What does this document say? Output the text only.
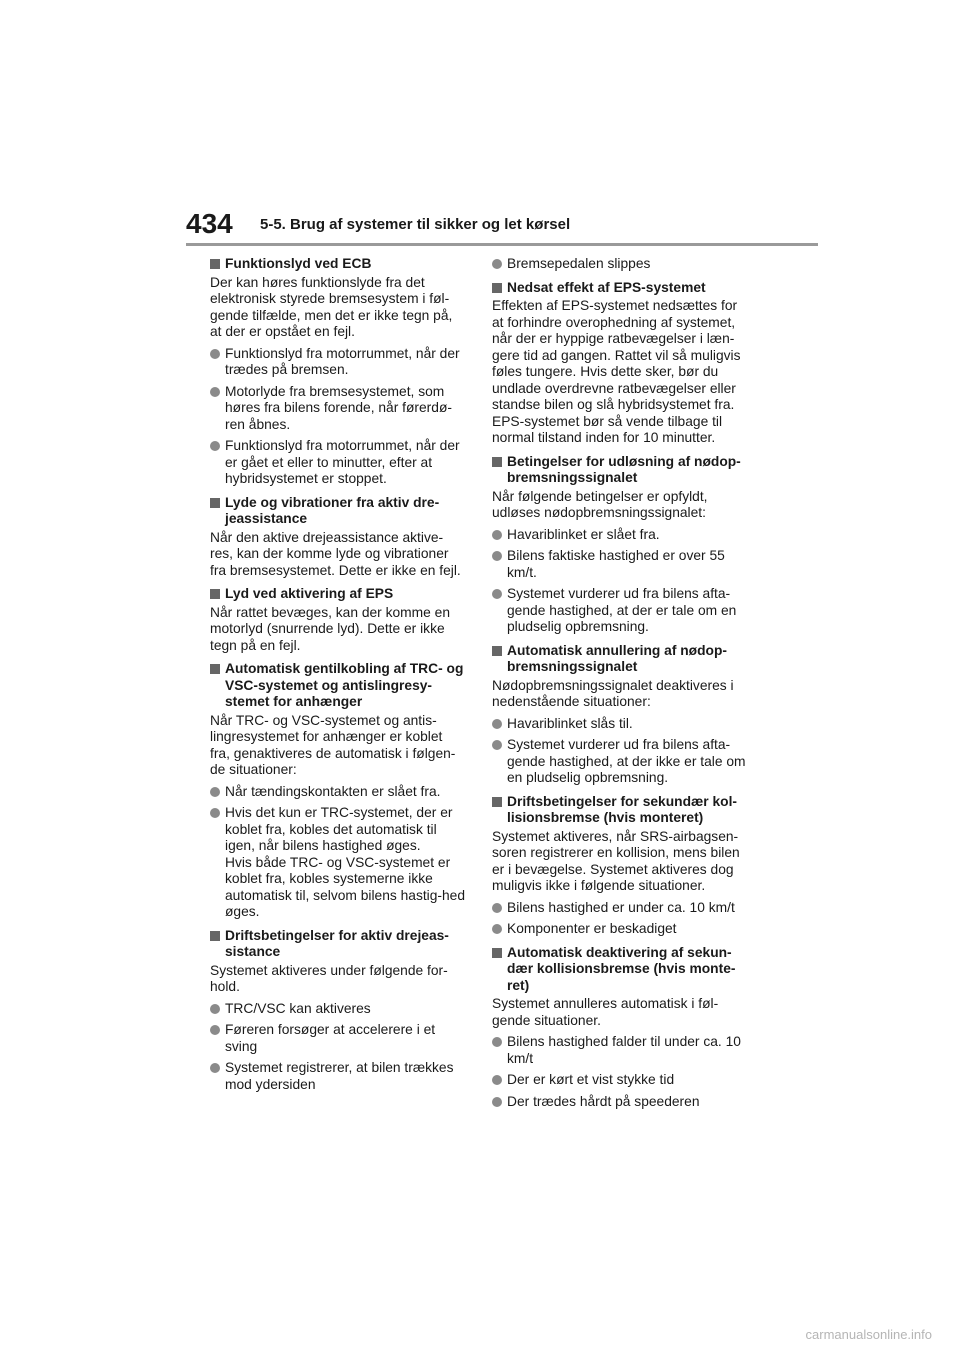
434 5-5. Brug af systemer til sikker og let kørsel
Funktionslyd ved ECB
Der kan høres funktionslyde fra det elektronisk styrede bremsesystem i føl-gende tilfælde, men det er ikke tegn på, at der er opstået en fejl.
Funktionslyd fra motorrummet, når der trædes på bremsen.
Motorlyde fra bremsesystemet, som høres fra bilens forende, når førerdø-ren åbnes.
Funktionslyd fra motorrummet, når der er gået et eller to minutter, efter at hybridsystemet er stoppet.
Lyde og vibrationer fra aktiv dre-jeassistance
Når den aktive drejeassistance aktive-res, kan der komme lyde og vibrationer fra bremsesystemet. Dette er ikke en fejl.
Lyd ved aktivering af EPS
Når rattet bevæges, kan der komme en motorlyd (snurrende lyd). Dette er ikke tegn på en fejl.
Automatisk gentilkobling af TRC- og VSC-systemet og antislingresy-stemet for anhænger
Når TRC- og VSC-systemet og antis-lingresystemet for anhænger er koblet fra, genaktiveres de automatisk i følgen-de situationer:
Når tændingskontakten er slået fra.
Hvis det kun er TRC-systemet, der er koblet fra, kobles det automatisk til igen, når bilens hastighed øges.
Hvis både TRC- og VSC-systemet er koblet fra, kobles systemerne ikke automatisk til, selvom bilens hastig-hed øges.
Driftsbetingelser for aktiv drejeas-sistance
Systemet aktiveres under følgende for-hold.
TRC/VSC kan aktiveres
Føreren forsøger at accelerere i et sving
Systemet registrerer, at bilen trækkes mod ydersiden
Bremsepedalen slippes
Nedsat effekt af EPS-systemet
Effekten af EPS-systemet nedsættes for at forhindre overophedning af systemet, når der er hyppige ratbevægelser i læn-gere tid ad gangen. Rattet vil så muligvis føles tungere. Hvis dette sker, bør du undlade overdrevne ratbevægelser eller standse bilen og slå hybridsystemet fra. EPS-systemet bør så vende tilbage til normal tilstand inden for 10 minutter.
Betingelser for udløsning af nødop-bremsningssignalet
Når følgende betingelser er opfyldt, udløses nødopbremsningssignalet:
Havariblinket er slået fra.
Bilens faktiske hastighed er over 55 km/t.
Systemet vurderer ud fra bilens afta-gende hastighed, at der er tale om en pludselig opbremsning.
Automatisk annullering af nødop-bremsningssignalet
Nødopbremsningssignalet deaktiveres i nedenstående situationer:
Havariblinket slås til.
Systemet vurderer ud fra bilens afta-gende hastighed, at der ikke er tale om en pludselig opbremsning.
Driftsbetingelser for sekundær kol-lisionsbremse (hvis monteret)
Systemet aktiveres, når SRS-airbagsen-soren registrerer en kollision, mens bilen er i bevægelse. Systemet aktiveres dog muligvis ikke i følgende situationer.
Bilens hastighed er under ca. 10 km/t
Komponenter er beskadiget
Automatisk deaktivering af sekun-dær kollisionsbremse (hvis monte-ret)
Systemet annulleres automatisk i føl-gende situationer.
Bilens hastighed falder til under ca. 10 km/t
Der er kørt et vist stykke tid
Der trædes hårdt på speederen
carmanualsonline.info
